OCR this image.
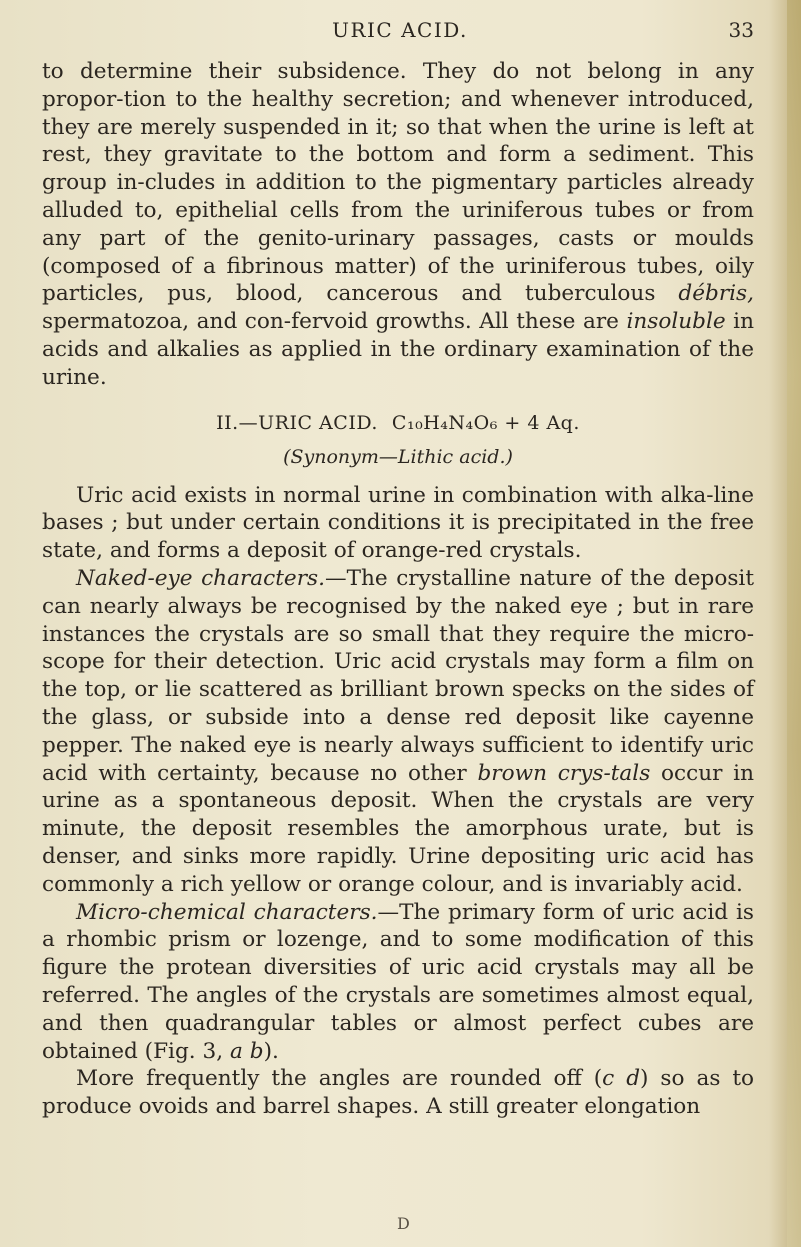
URIC ACID.	33

to determine their subsidence. They do not belong in any propor-tion to the healthy secretion; and whenever introduced, they are merely suspended in it; so that when the urine is left at rest, they gravitate to the bottom and form a sediment. This group in-cludes in addition to the pigmentary particles already alluded to, epithelial cells from the uriniferous tubes or from any part of the genito-urinary passages, casts or moulds (composed of a fibrinous matter) of the uriniferous tubes, oily particles, pus, blood, cancerous and tuberculous débris, spermatozoa, and con-fervoid growths. All these are insoluble in acids and alkalies as applied in the ordinary examination of the urine.

II.—URIC ACID. C₁₀H₄N₄O₆ + 4 Aq.
(Synonym—Lithic acid.)

Uric acid exists in normal urine in combination with alka-line bases ; but under certain conditions it is precipitated in the free state, and forms a deposit of orange-red crystals.

Naked-eye characters.—The crystalline nature of the deposit can nearly always be recognised by the naked eye ; but in rare instances the crystals are so small that they require the micro-scope for their detection. Uric acid crystals may form a film on the top, or lie scattered as brilliant brown specks on the sides of the glass, or subside into a dense red deposit like cayenne pepper. The naked eye is nearly always sufficient to identify uric acid with certainty, because no other brown crys-tals occur in urine as a spontaneous deposit. When the crystals are very minute, the deposit resembles the amorphous urate, but is denser, and sinks more rapidly. Urine depositing uric acid has commonly a rich yellow or orange colour, and is invariably acid.

Micro-chemical characters.—The primary form of uric acid is a rhombic prism or lozenge, and to some modification of this figure the protean diversities of uric acid crystals may all be referred. The angles of the crystals are sometimes almost equal, and then quadrangular tables or almost perfect cubes are obtained (Fig. 3, a b).

More frequently the angles are rounded off (c d) so as to produce ovoids and barrel shapes. A still greater elongation

D
